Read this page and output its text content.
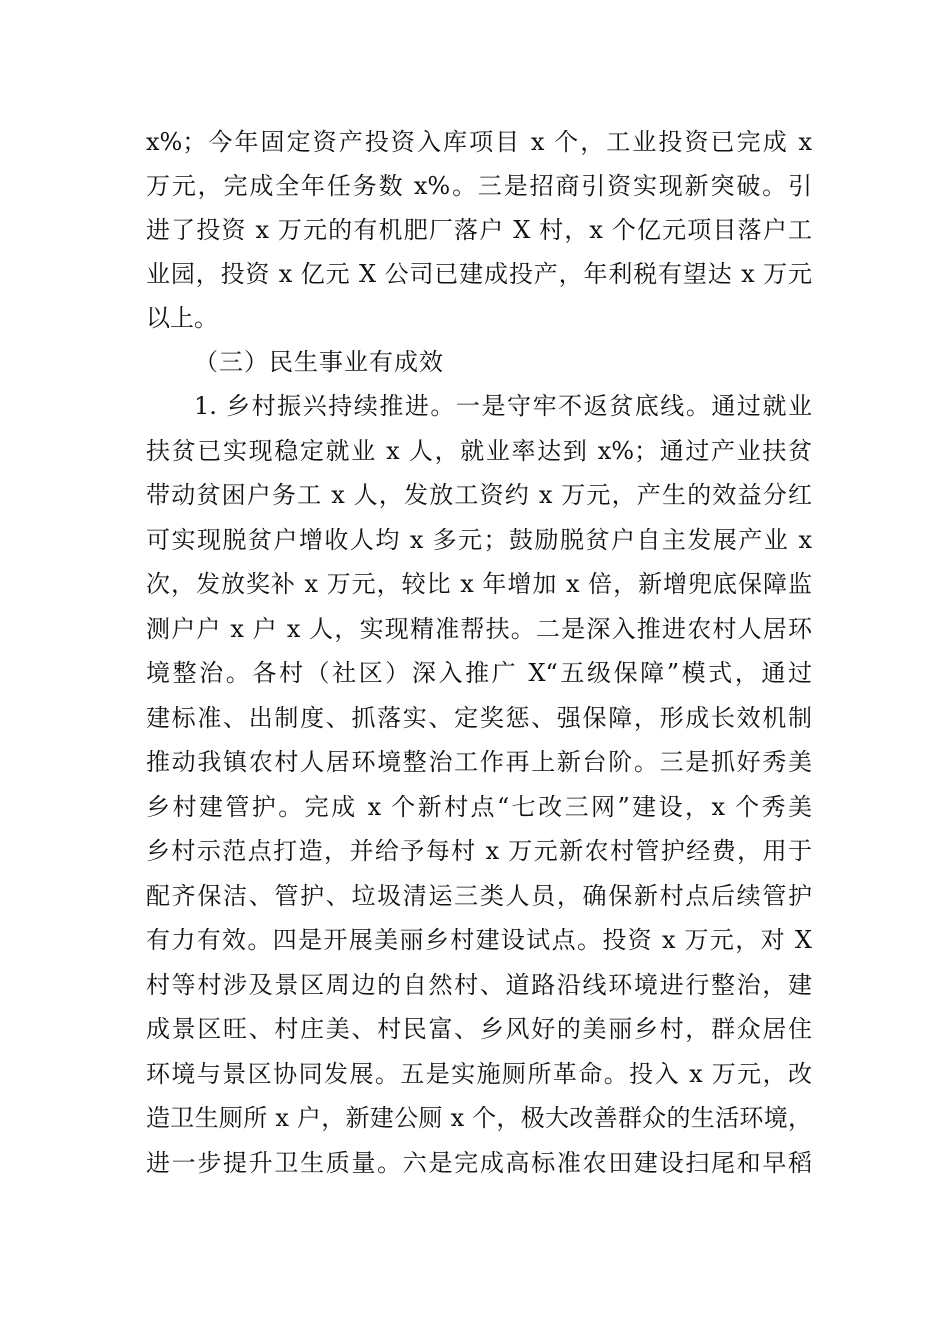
x%；今年固定资产投资入库项目 x 个，工业投资已完成 x
万元，完成全年任务数 x%。三是招商引资实现新突破。引
进了投资 x 万元的有机肥厂落户 X 村，x 个亿元项目落户工
业园，投资 x 亿元 X 公司已建成投产，年利税有望达 x 万元
以上。
（三）民生事业有成效
1. 乡村振兴持续推进。一是守牢不返贫底线。通过就业
扶贫已实现稳定就业 x 人，就业率达到 x%；通过产业扶贫
带动贫困户务工 x 人，发放工资约 x 万元，产生的效益分红
可实现脱贫户增收人均 x 多元；鼓励脱贫户自主发展产业 x
次，发放奖补 x 万元，较比 x 年增加 x 倍，新增兜底保障监
测户户 x 户 x 人，实现精准帮扶。二是深入推进农村人居环
境整治。各村（社区）深入推广 X“五级保障”模式，通过
建标准、出制度、抓落实、定奖惩、强保障，形成长效机制
推动我镇农村人居环境整治工作再上新台阶。三是抓好秀美
乡村建管护。完成 x 个新村点“七改三网”建设，x 个秀美
乡村示范点打造，并给予每村 x 万元新农村管护经费，用于
配齐保洁、管护、垃圾清运三类人员，确保新村点后续管护
有力有效。四是开展美丽乡村建设试点。投资 x 万元，对 X
村等村涉及景区周边的自然村、道路沿线环境进行整治，建
成景区旺、村庄美、村民富、乡风好的美丽乡村，群众居住
环境与景区协同发展。五是实施厕所革命。投入 x 万元，改
造卫生厕所 x 户，新建公厕 x 个，极大改善群众的生活环境，
进一步提升卫生质量。六是完成高标准农田建设扫尾和早稻
